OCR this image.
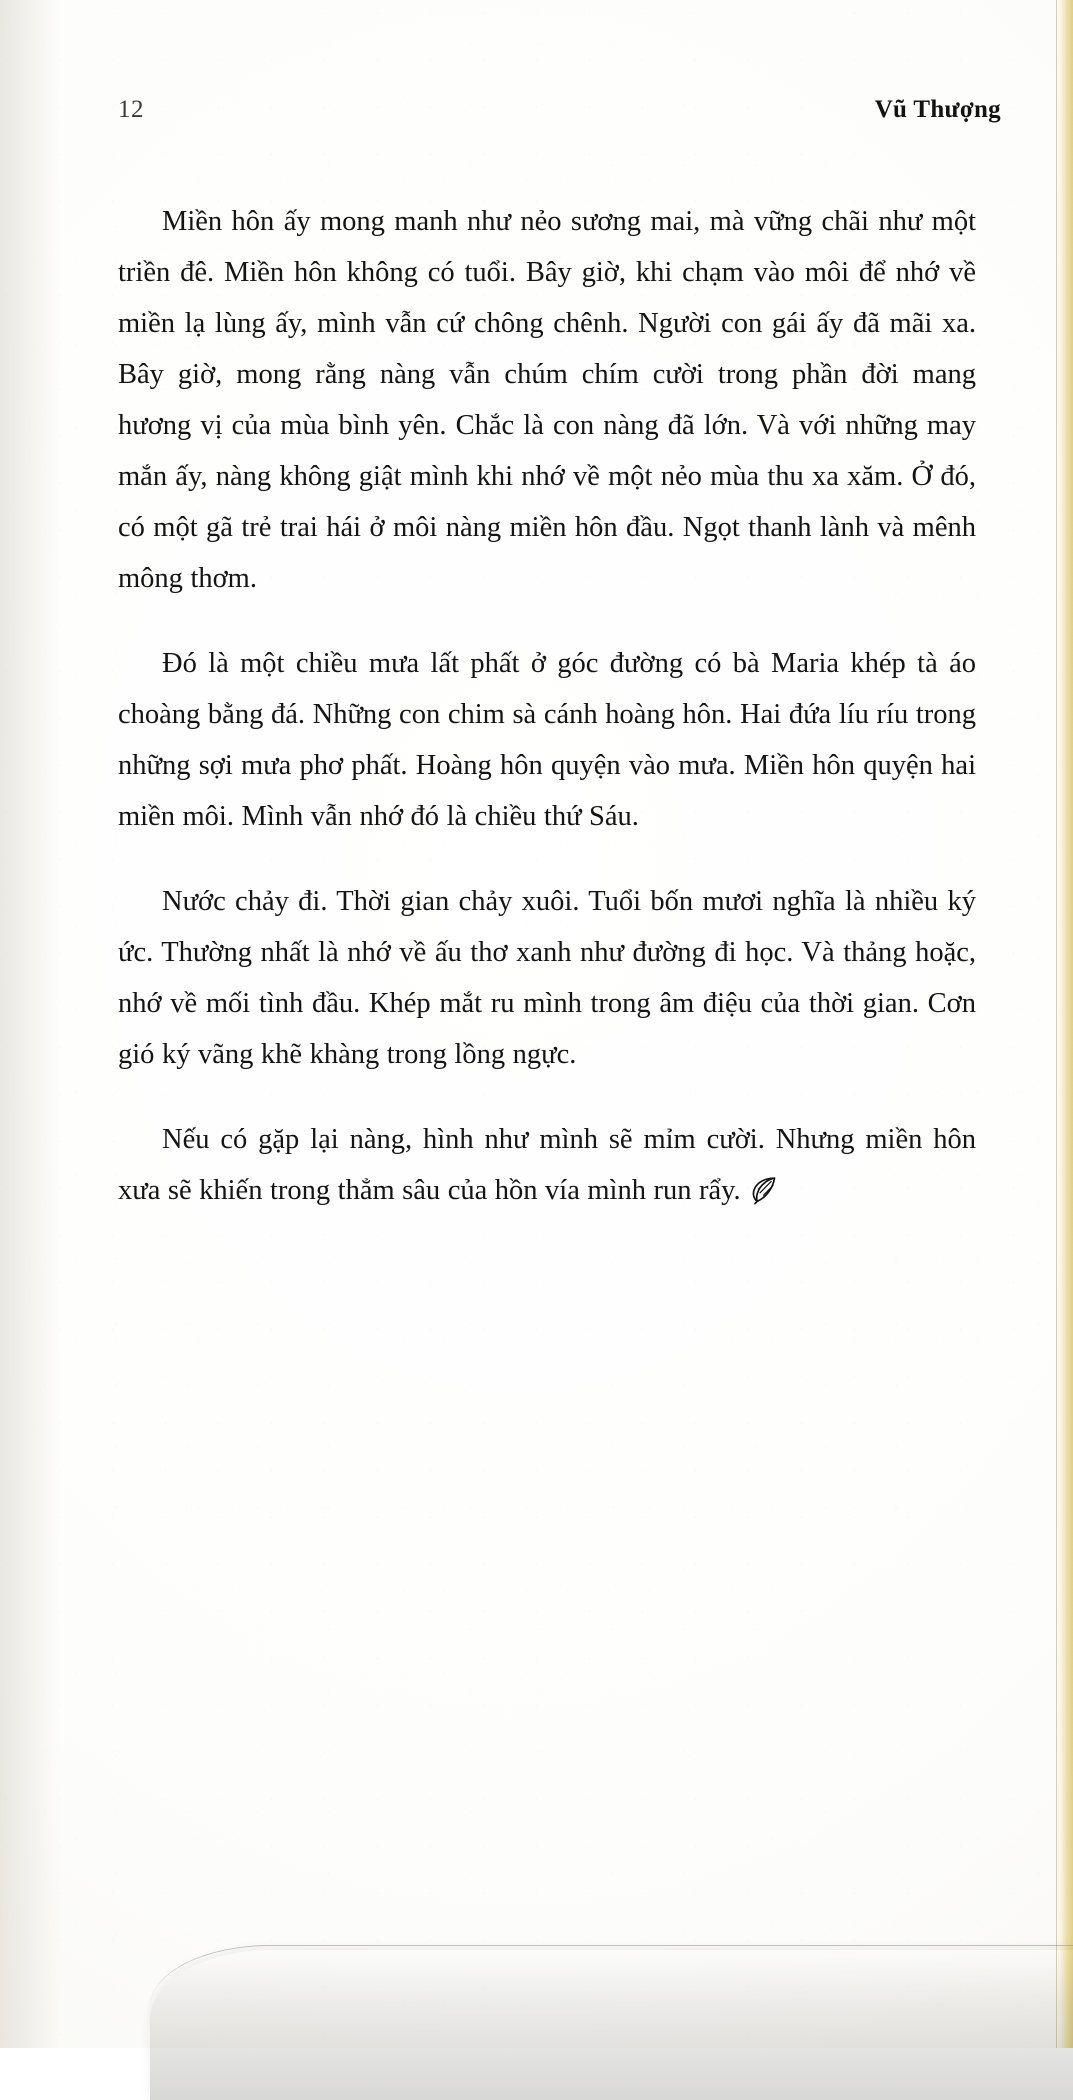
12	Vũ Thượng

Miền hôn ấy mong manh như nẻo sương mai, mà vững chãi như một triền đê. Miền hôn không có tuổi. Bây giờ, khi chạm vào môi để nhớ về miền lạ lùng ấy, mình vẫn cứ chông chênh. Người con gái ấy đã mãi xa. Bây giờ, mong rằng nàng vẫn chúm chím cười trong phần đời mang hương vị của mùa bình yên. Chắc là con nàng đã lớn. Và với những may mắn ấy, nàng không giật mình khi nhớ về một nẻo mùa thu xa xăm. Ở đó, có một gã trẻ trai hái ở môi nàng miền hôn đầu. Ngọt thanh lành và mênh mông thơm.

Đó là một chiều mưa lất phất ở góc đường có bà Maria khép tà áo choàng bằng đá. Những con chim sà cánh hoàng hôn. Hai đứa líu ríu trong những sợi mưa phơ phất. Hoàng hôn quyện vào mưa. Miền hôn quyện hai miền môi. Mình vẫn nhớ đó là chiều thứ Sáu.

Nước chảy đi. Thời gian chảy xuôi. Tuổi bốn mươi nghĩa là nhiều ký ức. Thường nhất là nhớ về ấu thơ xanh như đường đi học. Và thảng hoặc, nhớ về mối tình đầu. Khép mắt ru mình trong âm điệu của thời gian. Cơn gió ký vãng khẽ khàng trong lồng ngực.

Nếu có gặp lại nàng, hình như mình sẽ mỉm cười. Nhưng miền hôn xưa sẽ khiến trong thẳm sâu của hồn vía mình run rẩy.
